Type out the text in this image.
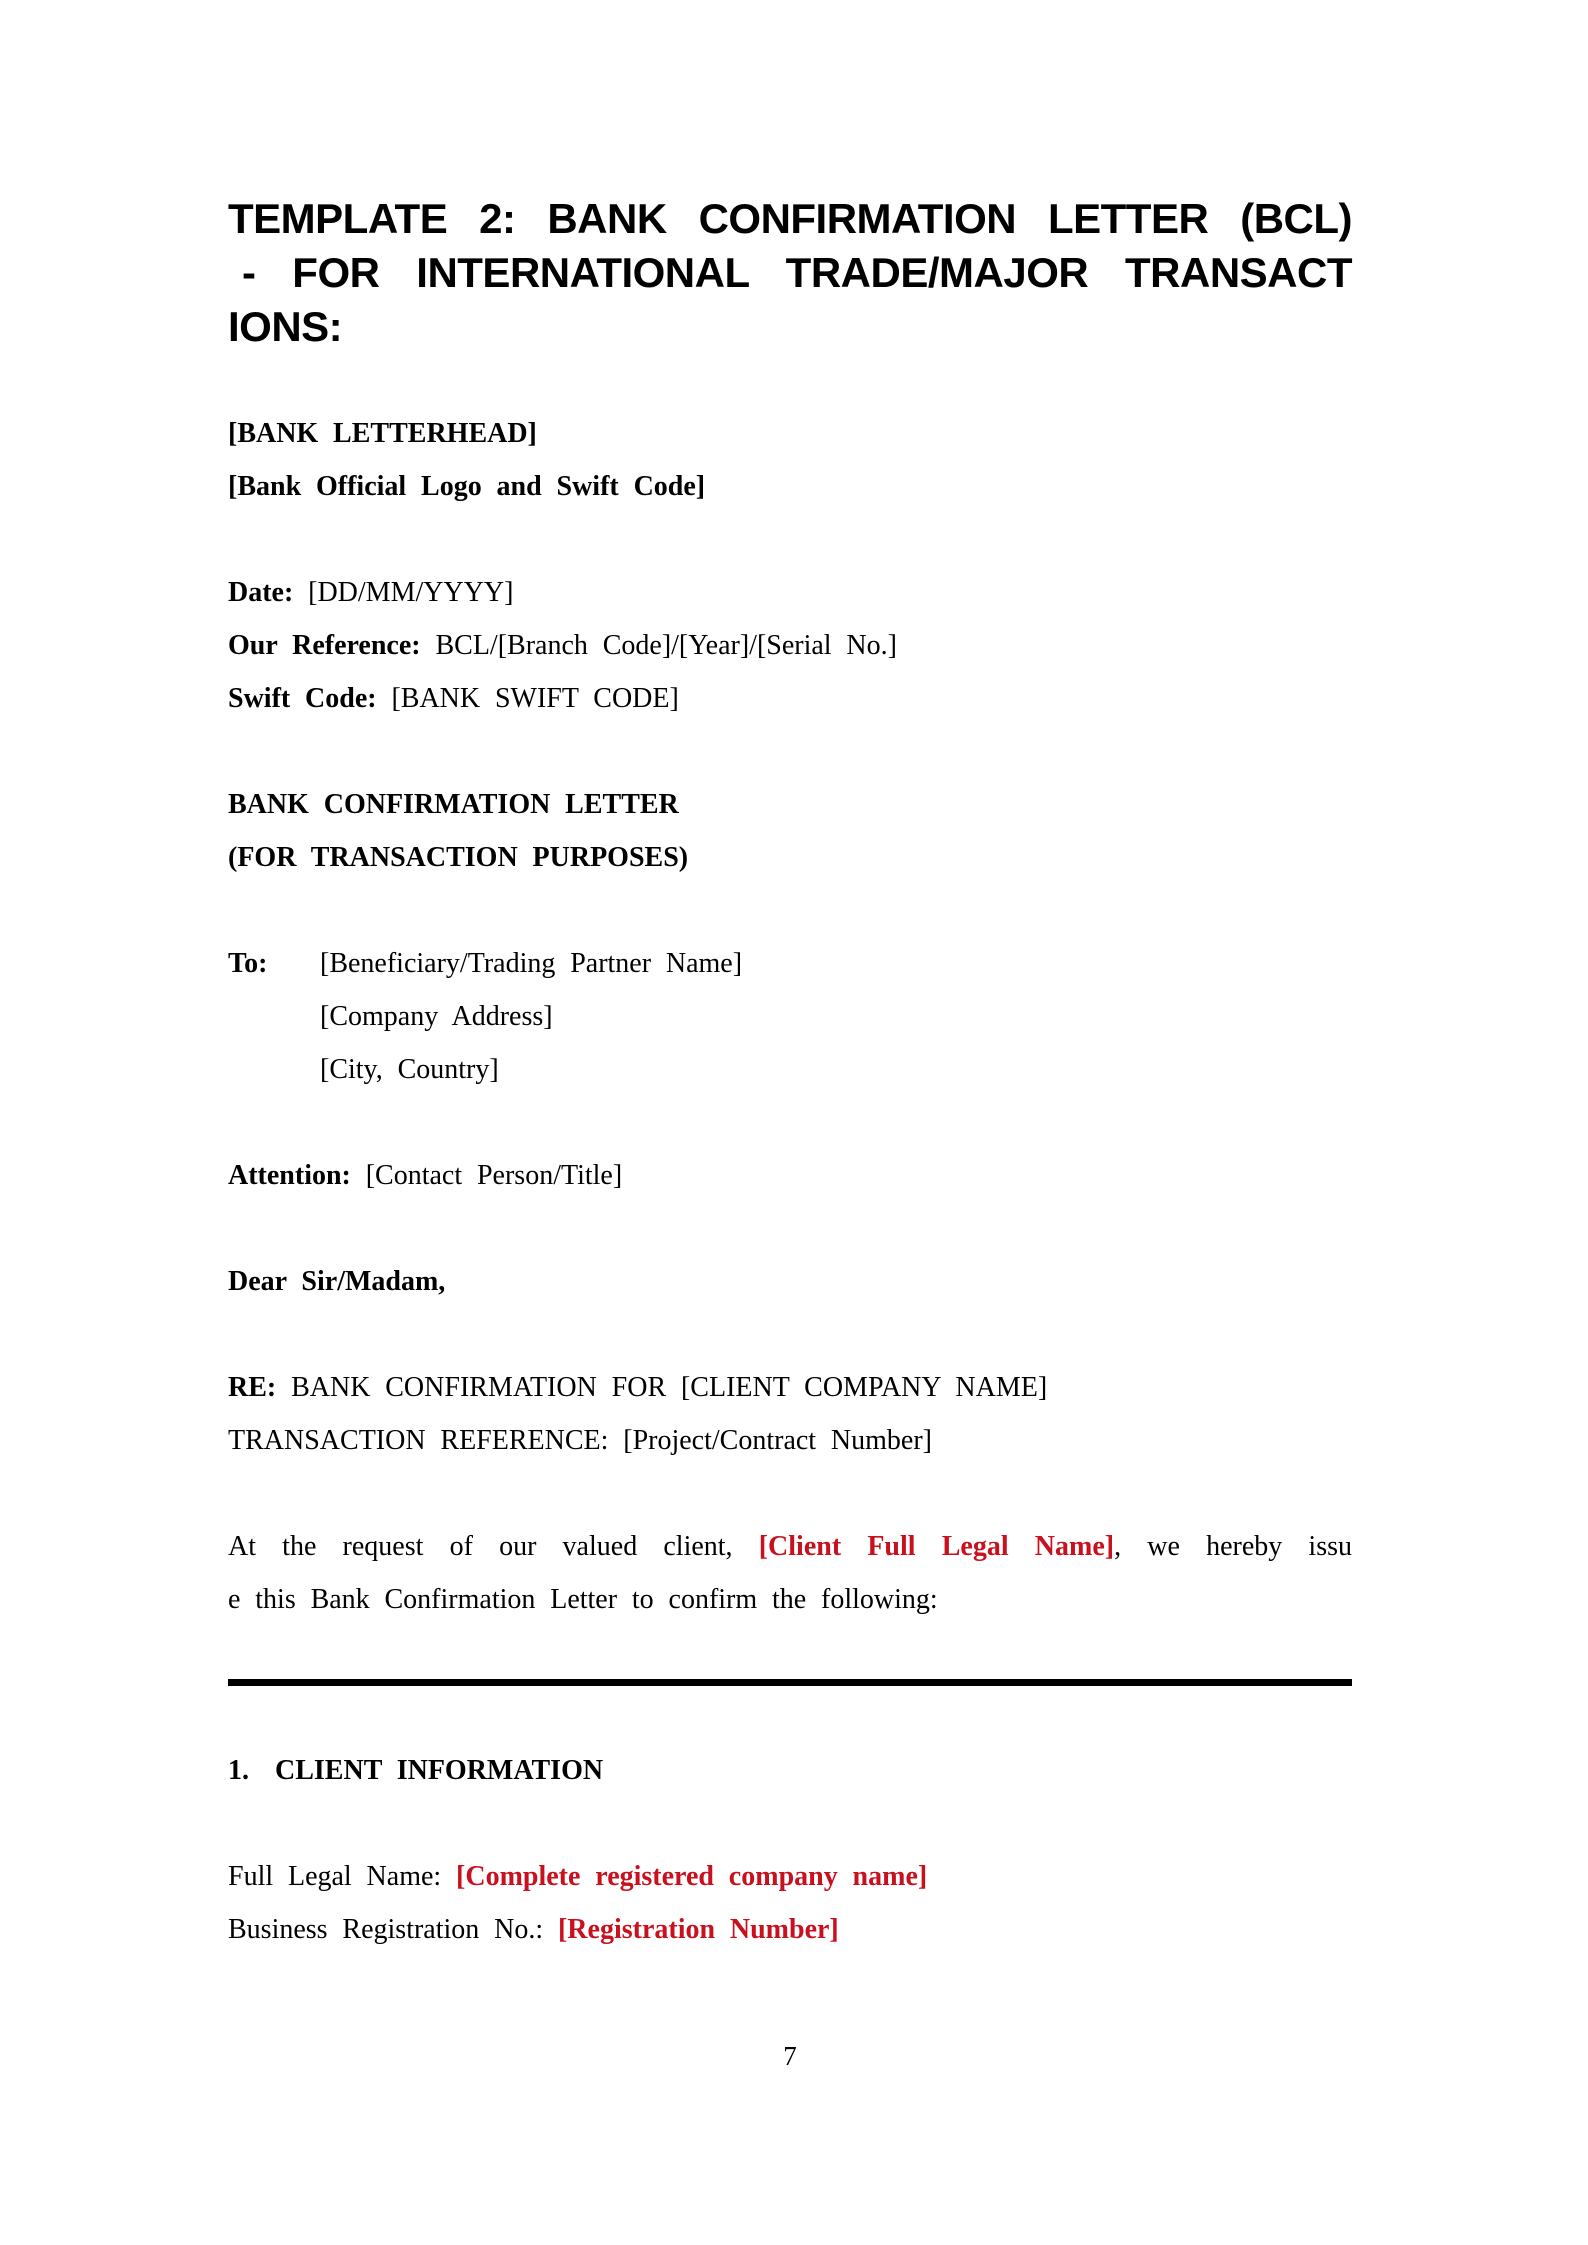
TEMPLATE 2: BANK CONFIRMATION LETTER (BCL)
- FOR INTERNATIONAL TRADE/MAJOR TRANSACT
IONS:
[BANK LETTERHEAD]
[Bank Official Logo and Swift Code]
Date: [DD/MM/YYYY]
Our Reference: BCL/[Branch Code]/[Year]/[Serial No.]
Swift Code: [BANK SWIFT CODE]
BANK CONFIRMATION LETTER
(FOR TRANSACTION PURPOSES)
To:	[Beneficiary/Trading Partner Name]
[Company Address]
[City, Country]
Attention: [Contact Person/Title]
Dear Sir/Madam,
RE: BANK CONFIRMATION FOR [CLIENT COMPANY NAME]
TRANSACTION REFERENCE: [Project/Contract Number]
At the request of our valued client, [Client Full Legal Name], we hereby issu
e this Bank Confirmation Letter to confirm the following:
1. CLIENT INFORMATION
Full Legal Name: [Complete registered company name]
Business Registration No.: [Registration Number]
7
